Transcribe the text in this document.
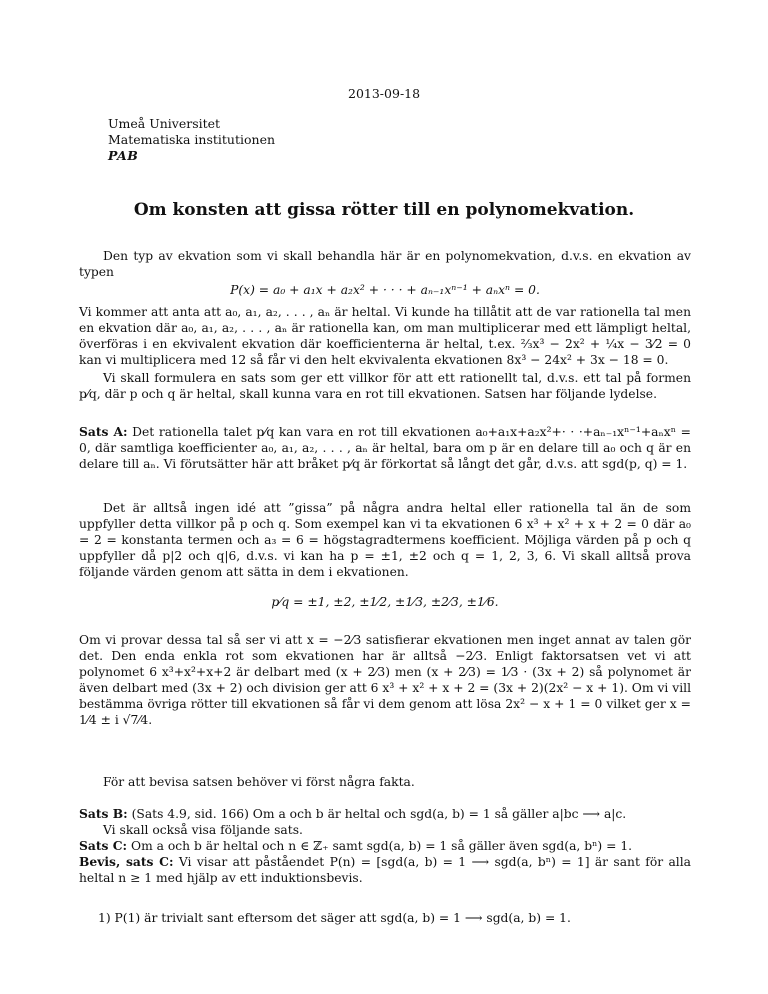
2013-09-18
Umeå Universitet
Matematiska institutionen
PAB
Om konsten att gissa rötter till en polynomekvation.

Den typ av ekvation som vi skall behandla här är en polynomekvation, d.v.s. en ekvation av typen

P(x) = a₀ + a₁x + a₂x² + · · · + aₙ₋₁xⁿ⁻¹ + aₙxⁿ = 0.

Vi kommer att anta att a₀, a₁, a₂, . . . , aₙ är heltal. Vi kunde ha tillåtit att de var rationella tal men en ekvation där a₀, a₁, a₂, . . . , aₙ är rationella kan, om man multiplicerar med ett lämpligt heltal, överföras i en ekvivalent ekvation där koefficienterna är heltal, t.ex. ⅔x³ − 2x² + ¼x − 3⁄2 = 0 kan vi multiplicera med 12 så får vi den helt ekvivalenta ekvationen 8x³ − 24x² + 3x − 18 = 0.

Vi skall formulera en sats som ger ett villkor för att ett rationellt tal, d.v.s. ett tal på formen p⁄q, där p och q är heltal, skall kunna vara en rot till ekvationen. Satsen har följande lydelse.

Sats A: Det rationella talet p⁄q kan vara en rot till ekvationen a₀+a₁x+a₂x²+· · ·+aₙ₋₁xⁿ⁻¹+aₙxⁿ = 0, där samtliga koefficienter a₀, a₁, a₂, . . . , aₙ är heltal, bara om p är en delare till a₀ och q är en delare till aₙ. Vi förutsätter här att bråket p⁄q är förkortat så långt det går, d.v.s. att sgd(p, q) = 1.

Det är alltså ingen idé att ”gissa” på några andra heltal eller rationella tal än de som uppfyller detta villkor på p och q. Som exempel kan vi ta ekvationen 6 x³ + x² + x + 2 = 0 där a₀ = 2 = konstanta termen och a₃ = 6 = högstagradtermens koefficient. Möjliga värden på p och q uppfyller då p|2 och q|6, d.v.s. vi kan ha p = ±1, ±2 och q = 1, 2, 3, 6. Vi skall alltså prova följande värden genom att sätta in dem i ekvationen.

p⁄q = ±1, ±2, ±1⁄2, ±1⁄3, ±2⁄3, ±1⁄6.

Om vi provar dessa tal så ser vi att x = −2⁄3 satisfierar ekvationen men inget annat av talen gör det. Den enda enkla rot som ekvationen har är alltså −2⁄3. Enligt faktorsatsen vet vi att polynomet 6 x³+x²+x+2 är delbart med (x + 2⁄3) men (x + 2⁄3) = 1⁄3 · (3x + 2) så polynomet är även delbart med (3x + 2) och division ger att 6 x³ + x² + x + 2 = (3x + 2)(2x² − x + 1). Om vi vill bestämma övriga rötter till ekvationen så får vi dem genom att lösa 2x² − x + 1 = 0 vilket ger x = 1⁄4 ± i √7⁄4.

För att bevisa satsen behöver vi först några fakta.

Sats B: (Sats 4.9, sid. 166) Om a och b är heltal och sgd(a, b) = 1 så gäller a|bc ⟶ a|c.

Vi skall också visa följande sats.

Sats C: Om a och b är heltal och n ∈ ℤ₊ samt sgd(a, b) = 1 så gäller även sgd(a, bⁿ) = 1.

Bevis, sats C: Vi visar att påståendet P(n) = [sgd(a, b) = 1 ⟶ sgd(a, bⁿ) = 1] är sant för alla heltal n ≥ 1 med hjälp av ett induktionsbevis.

1) P(1) är trivialt sant eftersom det säger att sgd(a, b) = 1 ⟶ sgd(a, b) = 1.
